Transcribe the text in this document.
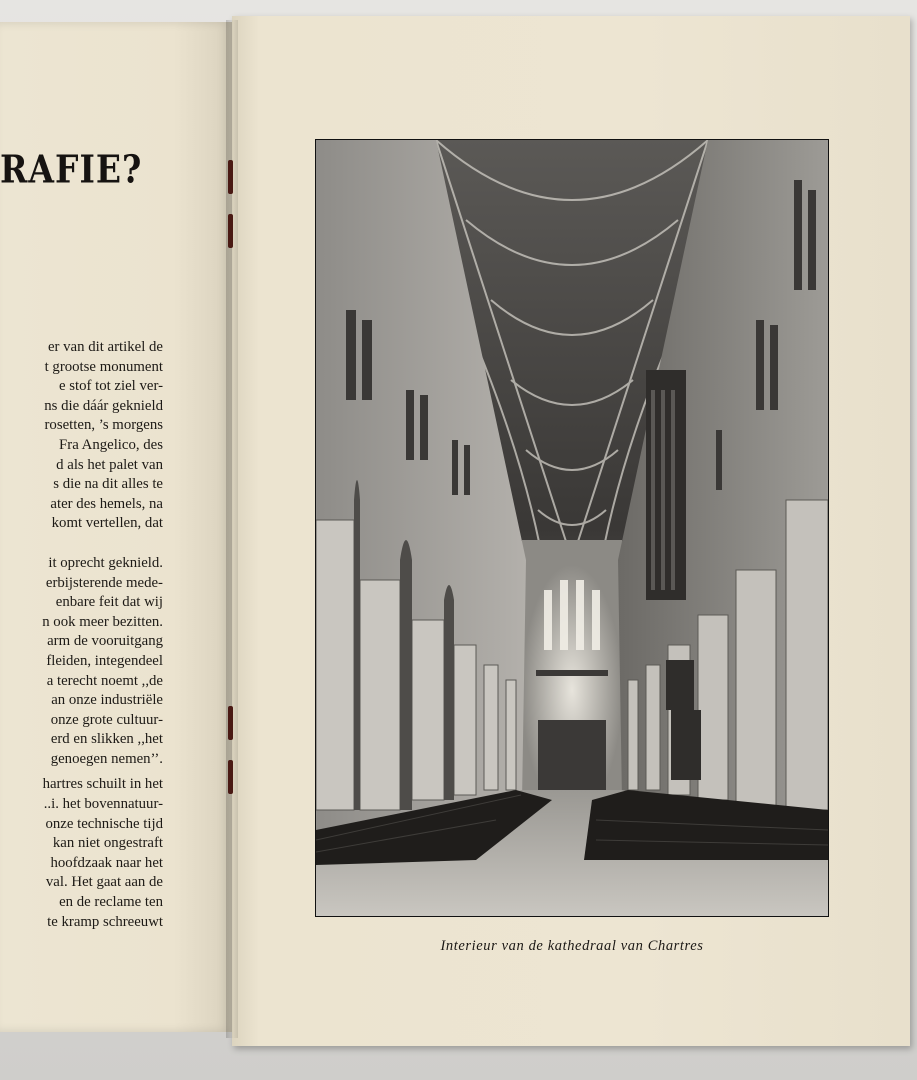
RAFIE?
er van dit artikel de
t grootse monument
e stof tot ziel ver-
ns die dáár geknield
rosetten, ’s morgens
Fra Angelico, des
d als het palet van
s die na dit alles te
ater des hemels, na
komt vertellen, dat
it oprecht geknield.
erbijsterende mede-
enbare feit dat wij
n ook meer bezitten.
arm de vooruitgang
fleiden, integendeel
a terecht noemt ,,de
an onze industriële
onze grote cultuur-
erd en slikken ,,het
genoegen nemen’’.
hartres schuilt in het
..i. het bovennatuur-
onze technische tijd
kan niet ongestraft
hoofdzaak naar het
val. Het gaat aan de
en de reclame ten
te kramp schreeuwt
Interieur van de kathedraal van Chartres
